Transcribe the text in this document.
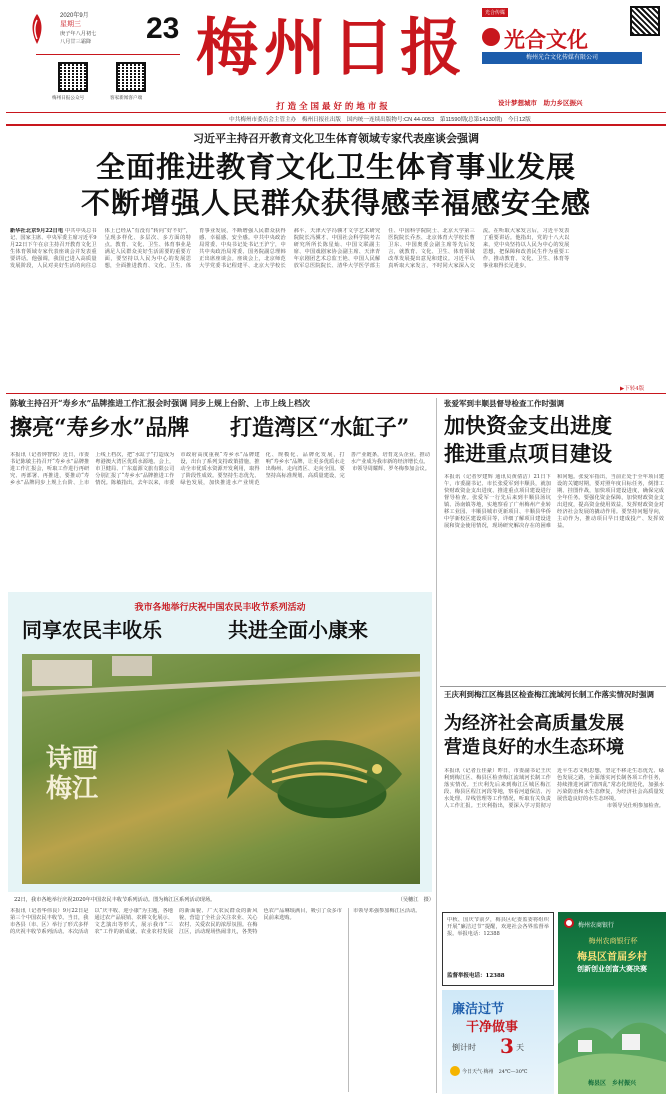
2020年9月
星期三
庚子年八月初七
八月廿三霜降 23
梅州日报公众号	客家新闻客户端
梅州日报
打 造 全 国 最 好 的 地 市 报
光合传媒
光合文化
梅州光合文化传媒有限公司
设计梦想城市　助力乡区振兴
中共梅州市委员会主管主办　梅州日报社出版　国内统一连续出版物号:CN 44-0053　第11590期(总第14130期)　今日12版
习近平主持召开教育文化卫生体育领域专家代表座谈会强调
全面推进教育文化卫生体育事业发展
不断增强人民群众获得感幸福感安全感
新华社北京9月22日电 中共中央总书记、国家主席、中央军委主席习近平9月22日下午在京主持召开教育文化卫生体育领域专家代表座谈会并发表重要讲话。他强调，我国已进入高质量发展阶段，人民对美好生活的向往总体上已经从“有没有”转向“好不好”，呈现多样化、多层次、多方面的特点。教育、文化、卫生、体育事业是满足人民群众美好生活需要的重要方面，要坚持以人民为中心的发展思想，全面推进教育、文化、卫生、体育事业发展，不断增强人民群众获得感、幸福感、安全感。中共中央政治局常委、中央书记处书记王沪宁，中共中央政治局常委、国务院副总理韩正出席座谈会。座谈会上，北京师范大学党委书记程建平、北京大学校长郝平、天津大学冯骥才文学艺术研究院院长冯骥才、中国社会科学院考古研究所所长陈星灿、中国文联副主席、中国戏剧家协会副主席、天津青年京剧团艺术总监王艳、中国人民解放军总医院院长、清华大学医学部主任、中国科学院院士、北京大学第三医院院长乔杰、北京体育大学校长曹卫东、中国奥委会副主席等先后发言，就教育、文化、卫生、体育领域改革发展提出意见和建议。习近平认真听取大家发言，不时同大家深入交流。在听取大家发言后，习近平发表了重要讲话。他指出，党的十八大以来，党中央坚持以人民为中心的发展思想，把保障和改善民生作为重要工作，推动教育、文化、卫生、体育等事业取得长足进步。
▶下转4版
陈敏主持召开“寿乡水”品牌推进工作汇报会时强调 同步上规上台阶、上市上线上档次
擦亮“寿乡水”品牌	打造湾区“水缸子”
本报讯（记者钟智锐）近日，市委书记陈敏主持召开“寿乡水”品牌推进工作汇报会，听取工作进行再研究、再部署、再推进，要推动“寿乡水”品牌同步上规上台阶、上市上线上档次，把“水缸子”打造成为粤港澳大湾区优质水源地。会上，市卫健局、广东嘉源文旅有限公司分别汇报了“寿乡水”品牌推进工作情况。陈敏指出，去年以来，市委市政府高度重视“寿乡水”品牌建设，出台了系列支持政策措施，推动全市优质水资源开发利用，取得了阶段性成效。要坚持生态优先、绿色发展，加快推进水产业规范化、规模化、品牌化发展，打响“寿乡水”品牌，让更多优质水走出梅州、走向湾区、走向全国。要坚持高标准规划、高质量建设，完善产业链条，培育龙头企业，推动水产业成为我市新的经济增长点。
市领导周耀辉、罗冬梅参加会议。
我市各地举行庆祝中国农民丰收节系列活动
同享农民丰收乐	共进全面小康来
诗画梅江
22日，我市各地举行庆祝2020年中国农民丰收节系列活动。图为梅江区系列活动现场。	（吴穗江　摄）
本报讯（记者华伟良）9月22日是第三个中国农民丰收节。当日，我市各县（市、区）举行了形式多样的庆祝丰收节系列活动。本次活动以“庆丰收、迎小康”为主题，各地通过农产品展销、农耕文化展示、文艺演出等形式，展示我市“三农”工作的新成就、农业农村发展的新面貌、广大农民群众的新风貌，营造了全社会关注农业、关心农村、关爱农民的浓厚氛围。在梅江区，活动现场热闹非凡，各类特色农产品琳琅满目，吸引了众多市民前来选购。
市领导邓强参加梅江区活动。
张爱军到丰顺县督导检查工作时强调
加快资金支出进度
推进重点项目建设
本报讯（记者罗建辉 通讯员黄倩洁）21日下午，市委副书记、市长张爱军到丰顺县，就加快财政资金支出进度、推进重点项目建设进行督导检查。张爱军一行先后来到丰顺县汤坑镇、汤南镇等地，实地察看了广州梅州产业转移工业园、丰顺县城市更新项目、丰顺县华侨中学新校区建设项目等，详细了解项目建设进展和资金使用情况，现场研究解决存在的困难和问题。张爱军指出，当前正处于全年项目建设的关键时期，要对照年度目标任务，倒排工期、挂图作战，加快项目建设进度，确保完成全年任务。要强化资金保障，加快财政资金支出进度，提高资金使用效益，发挥财政资金对经济社会发展的撬动作用。要坚持问题导向，主动作为，推动项目早日建成投产、发挥效益。
王庆利到梅江区梅县区检查梅江流域河长制工作落实情况时强调
为经济社会高质量发展
营造良好的水生态环境
本报讯（记者丘佳豪）昨日，市委副书记王庆利到梅江区、梅县区检查梅江流域河长制工作落实情况。王庆利先后来到梅江区城区梅江段、梅县区程江河段等地，察看河道保洁、污水处理、岸线管理等工作情况，听取有关负责人工作汇报。王庆利指出，要深入学习贯彻习近平生态文明思想，坚定不移走生态优先、绿色发展之路，全面落实河长制各项工作任务，持续推进河湖“清四乱”常态化规范化，加强水污染防治和水生态修复，为经济社会高质量发展营造良好的水生态环境。
市领导吴仕明参加检查。
中秋、国庆节前夕，梅县区纪委监委将组织开展“廉洁过节”提醒，欢迎社会各界监督举报。举报电话：12388
监督举报电话：12388
廉洁过节
干净做事
倒计时 3 天
今日天气·梅州　24℃—30℃
梅州农商银行
梅州农商银行杯
梅县区首届乡村
创新创业创富大赛决赛
梅县区　乡村振兴
